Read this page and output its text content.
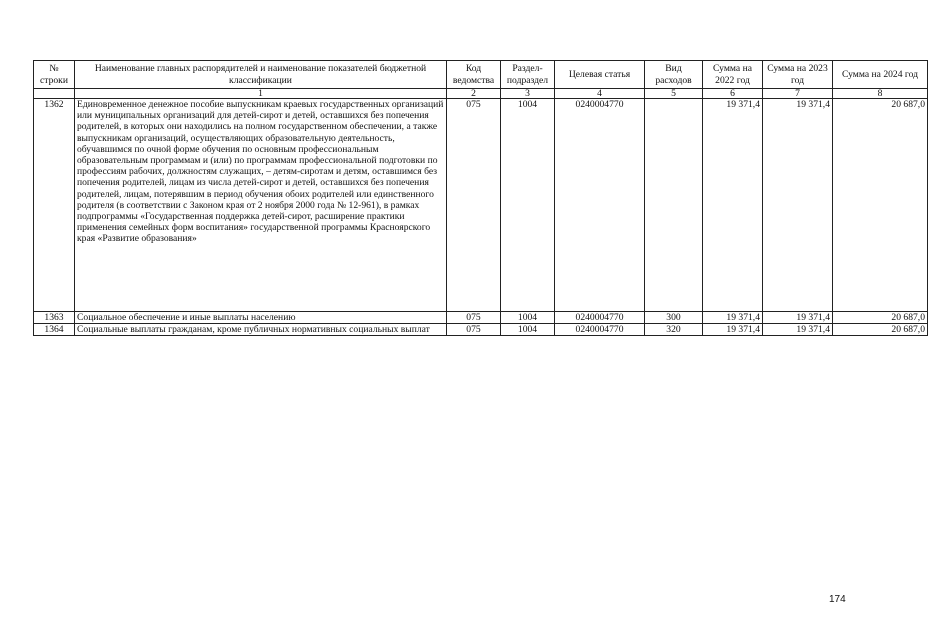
№ строки	Наименование главных распорядителей и наименование показателей бюджетной классификации	Код ведомства	Раздел-подраздел	Целевая статья	Вид расходов	Сумма на 2022 год	Сумма на 2023 год	Сумма на 2024 год
	1	2	3	4	5	6	7	8
1362	Единовременное денежное пособие выпускникам краевых государственных организаций или муниципальных организаций для детей-сирот и детей, оставшихся без попечения родителей, в которых они находились на полном государственном обеспечении, а также выпускникам организаций, осуществляющих образовательную деятельность, обучавшимся по очной форме обучения по основным профессиональным образовательным программам и (или) по программам профессиональной подготовки по профессиям рабочих, должностям служащих, – детям-сиротам и детям, оставшимся без попечения родителей, лицам из числа детей-сирот и детей, оставшихся без попечения родителей, лицам, потерявшим в период обучения обоих родителей или единственного родителя (в соответствии с Законом края от 2 ноября 2000 года № 12-961), в рамках подпрограммы «Государственная поддержка детей-сирот, расширение практики применения семейных форм воспитания» государственной программы Красноярского края «Развитие образования»	075	1004	0240004770		19 371,4	19 371,4	20 687,0
1363	Социальное обеспечение и иные выплаты населению	075	1004	0240004770	300	19 371,4	19 371,4	20 687,0
1364	Социальные выплаты гражданам, кроме публичных нормативных социальных выплат	075	1004	0240004770	320	19 371,4	19 371,4	20 687,0
174
